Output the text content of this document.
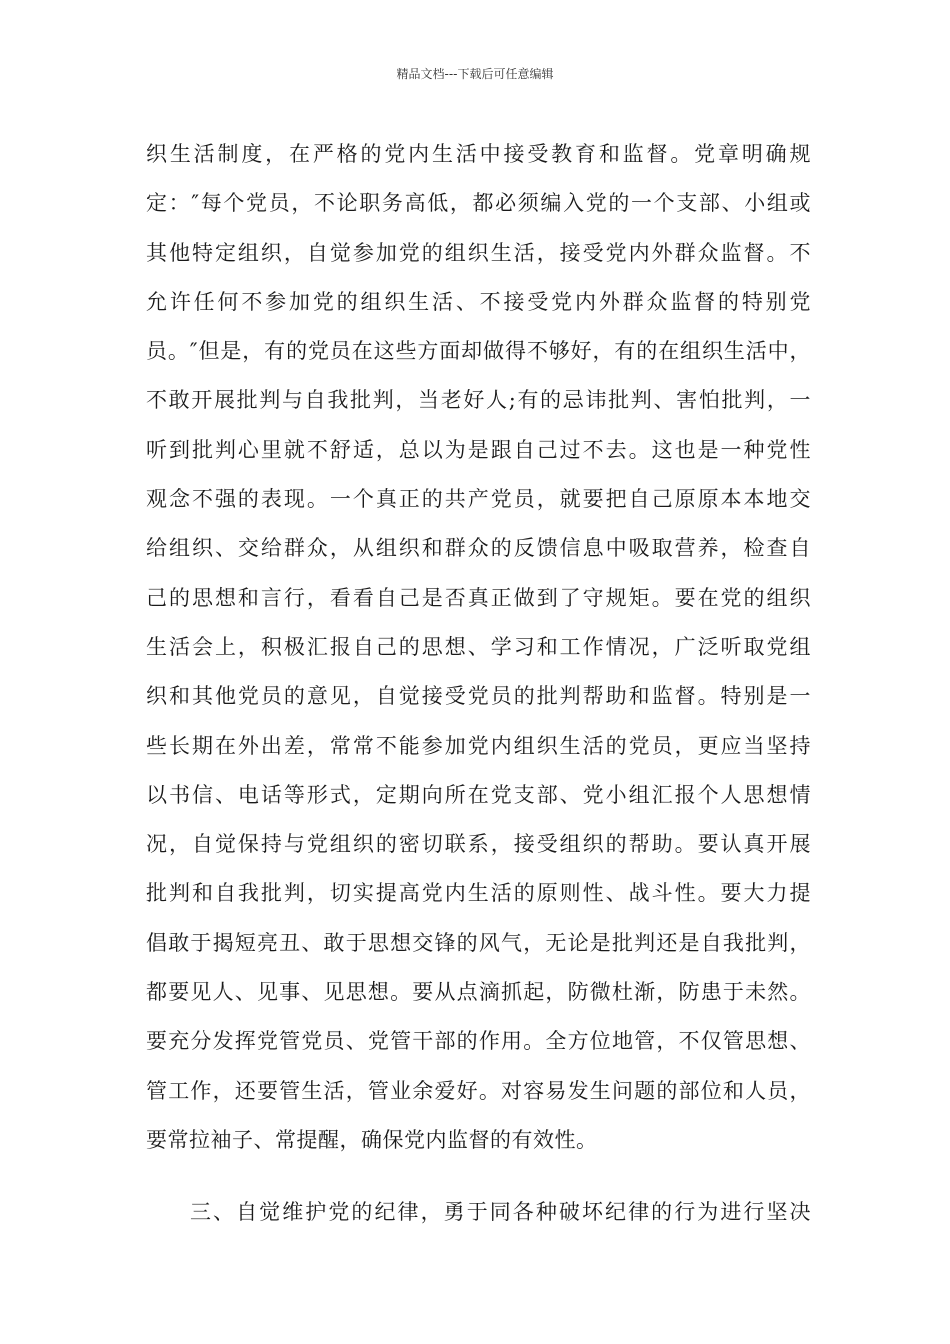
精品文档---下载后可任意编辑
织生活制度，在严格的党内生活中接受教育和监督。党章明确规
定：″每个党员，不论职务高低，都必须编入党的一个支部、小组或
其他特定组织，自觉参加党的组织生活，接受党内外群众监督。不
允许任何不参加党的组织生活、不接受党内外群众监督的特别党
员。″但是，有的党员在这些方面却做得不够好，有的在组织生活中，
不敢开展批判与自我批判，当老好人;有的忌讳批判、害怕批判，一
听到批判心里就不舒适，总以为是跟自己过不去。这也是一种党性
观念不强的表现。一个真正的共产党员，就要把自己原原本本地交
给组织、交给群众，从组织和群众的反馈信息中吸取营养，检查自
己的思想和言行，看看自己是否真正做到了守规矩。要在党的组织
生活会上，积极汇报自己的思想、学习和工作情况，广泛听取党组
织和其他党员的意见，自觉接受党员的批判帮助和监督。特别是一
些长期在外出差，常常不能参加党内组织生活的党员，更应当坚持
以书信、电话等形式，定期向所在党支部、党小组汇报个人思想情
况，自觉保持与党组织的密切联系，接受组织的帮助。要认真开展
批判和自我批判，切实提高党内生活的原则性、战斗性。要大力提
倡敢于揭短亮丑、敢于思想交锋的风气，无论是批判还是自我批判，
都要见人、见事、见思想。要从点滴抓起，防微杜渐，防患于未然。
要充分发挥党管党员、党管干部的作用。全方位地管，不仅管思想、
管工作，还要管生活，管业余爱好。对容易发生问题的部位和人员，
要常拉袖子、常提醒，确保党内监督的有效性。
三、自觉维护党的纪律，勇于同各种破坏纪律的行为进行坚决
